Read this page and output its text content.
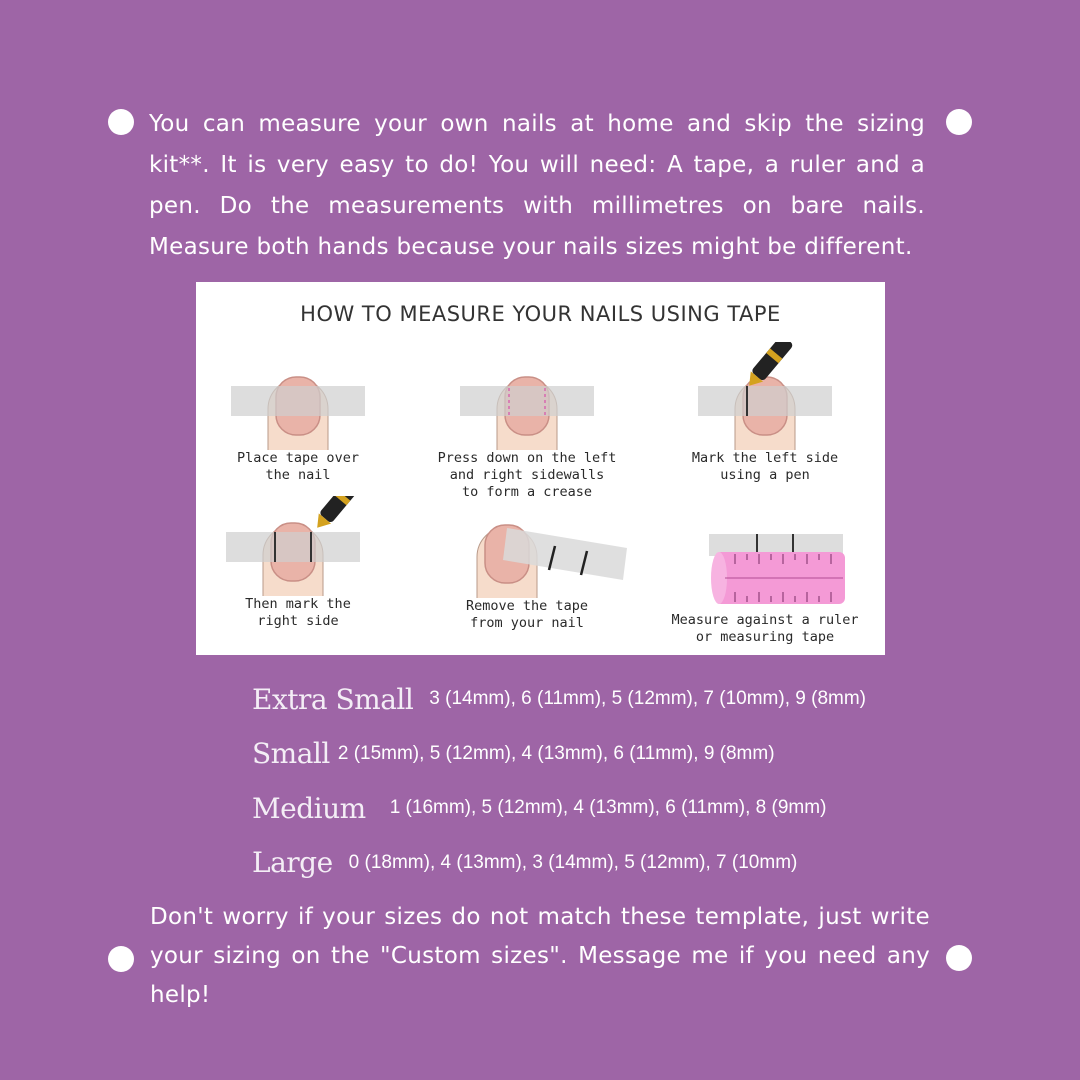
You can measure your own nails at home and skip the sizing kit**. It is very easy to do! You will need: A tape, a ruler and a pen. Do the measurements with millimetres on bare nails. Measure both hands because your nails sizes might be different.
HOW TO MEASURE YOUR NAILS USING TAPE
Place tape over
the nail
Press down on the left
and right sidewalls
to form a crease
Mark the left side
using a pen
Then mark the
right side
Remove the tape
from your nail	Measure against a ruler
or measuring tape
Extra Small 3 (14mm), 6 (11mm), 5 (12mm), 7 (10mm), 9 (8mm)
Small 2 (15mm), 5 (12mm), 4 (13mm), 6 (11mm), 9 (8mm)
Medium 1 (16mm), 5 (12mm), 4 (13mm), 6 (11mm), 8 (9mm)
Large 0 (18mm), 4 (13mm), 3 (14mm), 5 (12mm), 7 (10mm)
Don't worry if your sizes do not match these template, just write your sizing on the "Custom sizes". Message me if you need any help!
